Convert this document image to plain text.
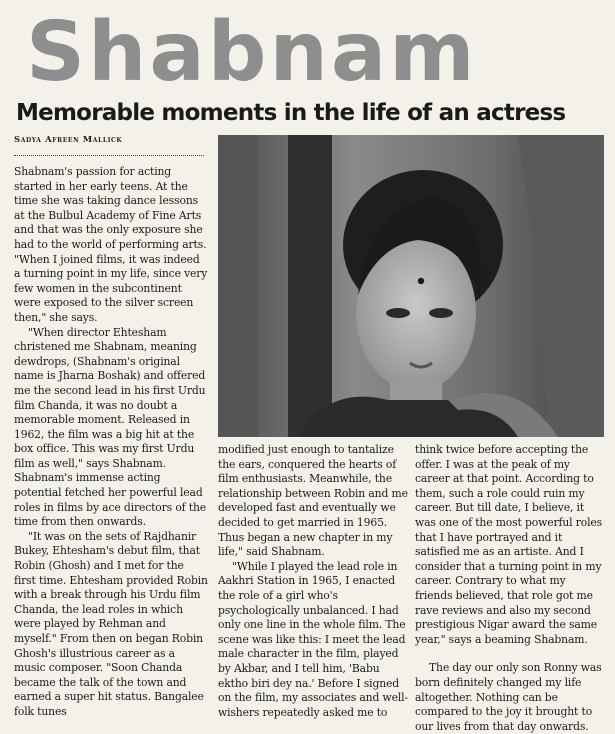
Shabnam
Memorable moments in the life of an actress
Sadya Afreen Mallick

Shabnam's passion for acting started in her early teens. At the time she was taking dance lessons at the Bulbul Academy of Fine Arts and that was the only exposure she had to the world of performing arts. "When I joined films, it was indeed a turning point in my life, since very few women in the subcontinent were exposed to the silver screen then," she says.

"When director Ehtesham christened me Shabnam, meaning dewdrops, (Shabnam's original name is Jharna Boshak) and offered me the second lead in his first Urdu film Chanda, it was no doubt a memorable moment. Released in 1962, the film was a big hit at the box office. This was my first Urdu film as well," says Shabnam. Shabnam's immense acting potential fetched her powerful lead roles in films by ace directors of the time from then onwards.

"It was on the sets of Rajdhanir Bukey, Ehtesham's debut film, that Robin (Ghosh) and I met for the first time. Ehtesham provided Robin with a break through his Urdu film Chanda, the lead roles in which were played by Rehman and myself." From then on began Robin Ghosh's illustrious career as a music composer. "Soon Chanda became the talk of the town and earned a super hit status. Bangalee folk tunes

modified just enough to tantalize the ears, conquered the hearts of film enthusiasts. Meanwhile, the relationship between Robin and me developed fast and eventually we decided to get married in 1965. Thus began a new chapter in my life," said Shabnam.

"While I played the lead role in Aakhri Station in 1965, I enacted the role of a girl who's psychologically unbalanced. I had only one line in the whole film. The scene was like this: I meet the lead male character in the film, played by Akbar, and I tell him, 'Babu ektho biri dey na.' Before I signed on the film, my associates and well-wishers repeatedly asked me to

think twice before accepting the offer. I was at the peak of my career at that point. According to them, such a role could ruin my career. But till date, I believe, it was one of the most powerful roles that I have portrayed and it satisfied me as an artiste. And I consider that a turning point in my career. Contrary to what my friends believed, that role got me rave reviews and also my second prestigious Nigar award the same year," says a beaming Shabnam.

The day our only son Ronny was born definitely changed my life altogether. Nothing can be compared to the joy it brought to our lives from that day onwards.
